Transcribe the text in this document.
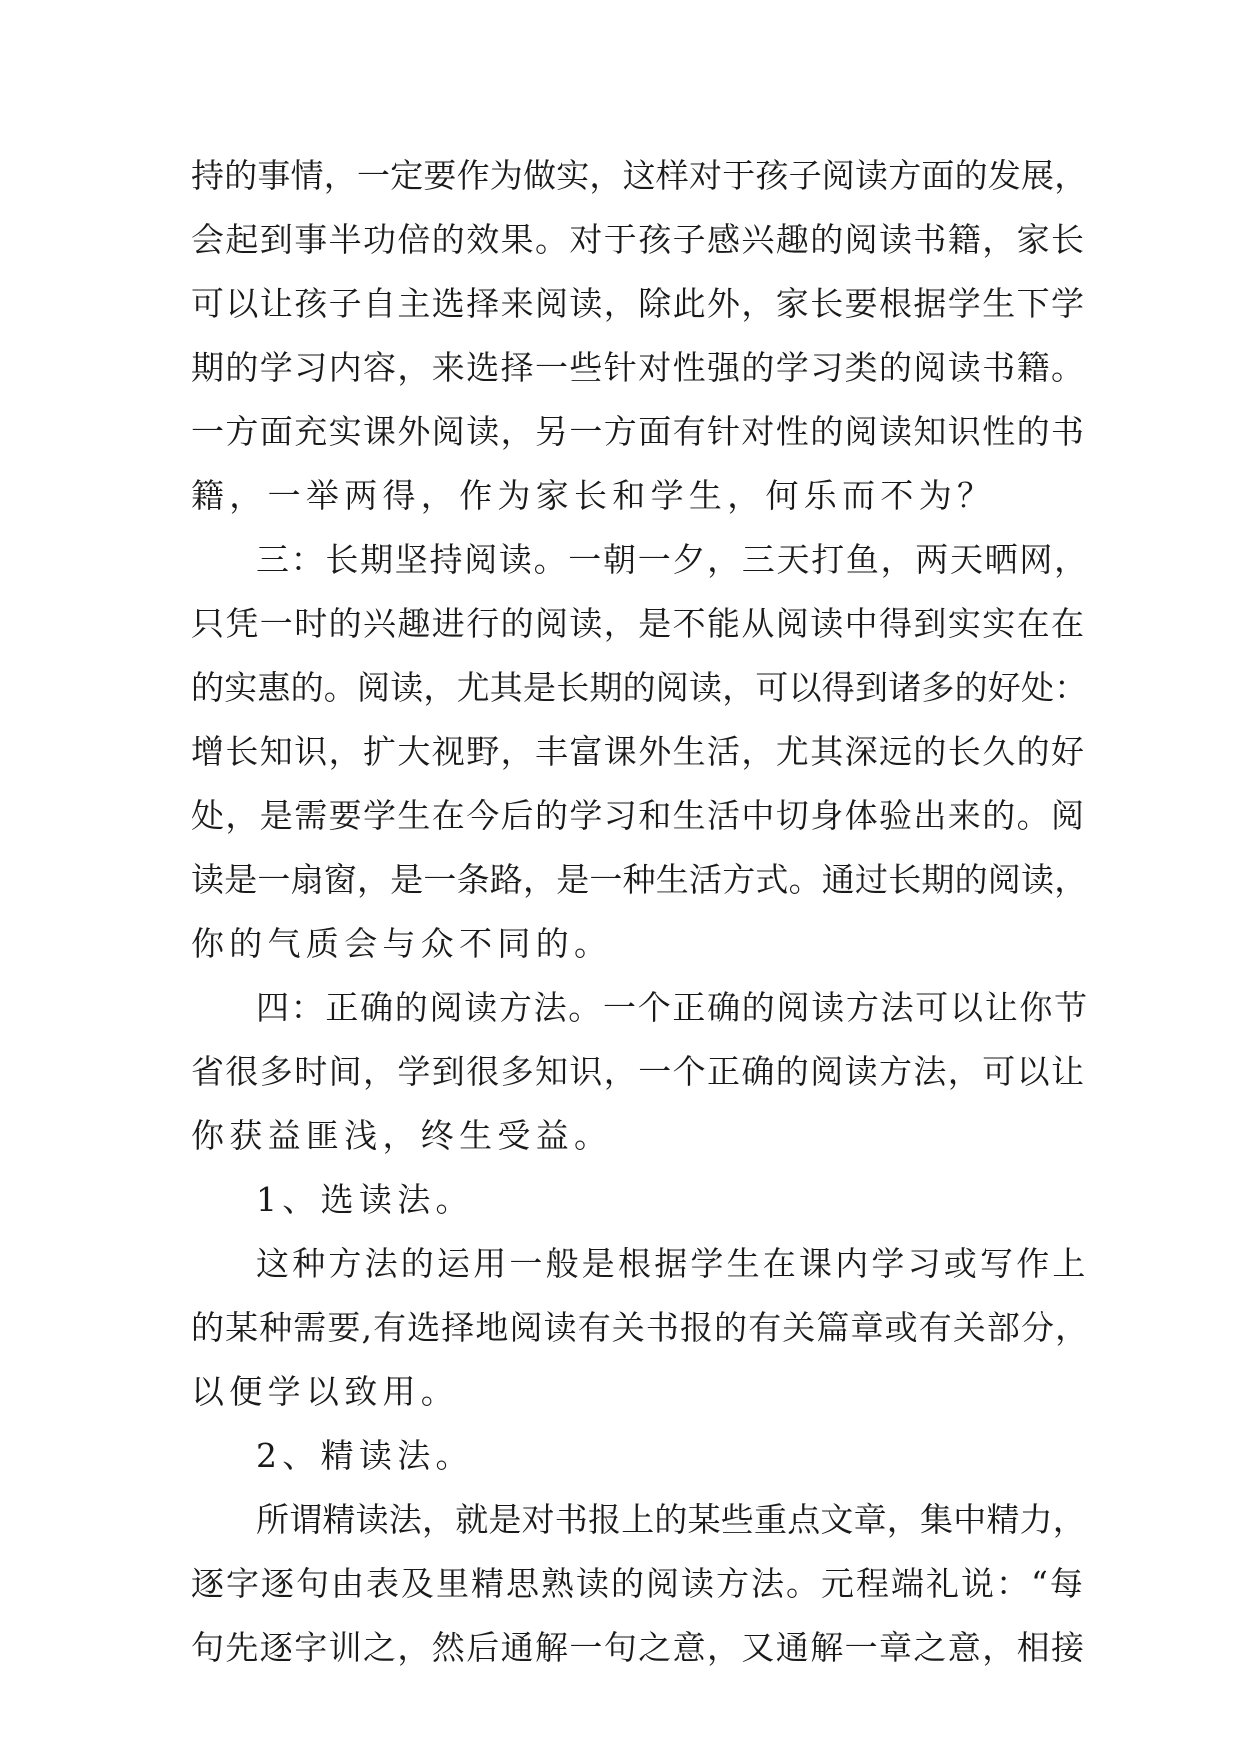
持的事情，一定要作为做实，这样对于孩子阅读方面的发展，
会起到事半功倍的效果。对于孩子感兴趣的阅读书籍，家长
可以让孩子自主选择来阅读，除此外，家长要根据学生下学
期的学习内容，来选择一些针对性强的学习类的阅读书籍。
一方面充实课外阅读，另一方面有针对性的阅读知识性的书
籍，一举两得，作为家长和学生，何乐而不为？
三：长期坚持阅读。一朝一夕，三天打鱼，两天晒网，
只凭一时的兴趣进行的阅读，是不能从阅读中得到实实在在
的实惠的。阅读，尤其是长期的阅读，可以得到诸多的好处：
增长知识，扩大视野，丰富课外生活，尤其深远的长久的好
处，是需要学生在今后的学习和生活中切身体验出来的。阅
读是一扇窗，是一条路，是一种生活方式。通过长期的阅读，
你的气质会与众不同的。
四：正确的阅读方法。一个正确的阅读方法可以让你节
省很多时间，学到很多知识，一个正确的阅读方法，可以让
你获益匪浅，终生受益。
1、选读法。
这种方法的运用一般是根据学生在课内学习或写作上
的某种需要,有选择地阅读有关书报的有关篇章或有关部分，
以便学以致用。
2、精读法。
所谓精读法，就是对书报上的某些重点文章，集中精力，
逐字逐句由表及里精思熟读的阅读方法。元程端礼说：“每
句先逐字训之，然后通解一句之意，又通解一章之意，相接
